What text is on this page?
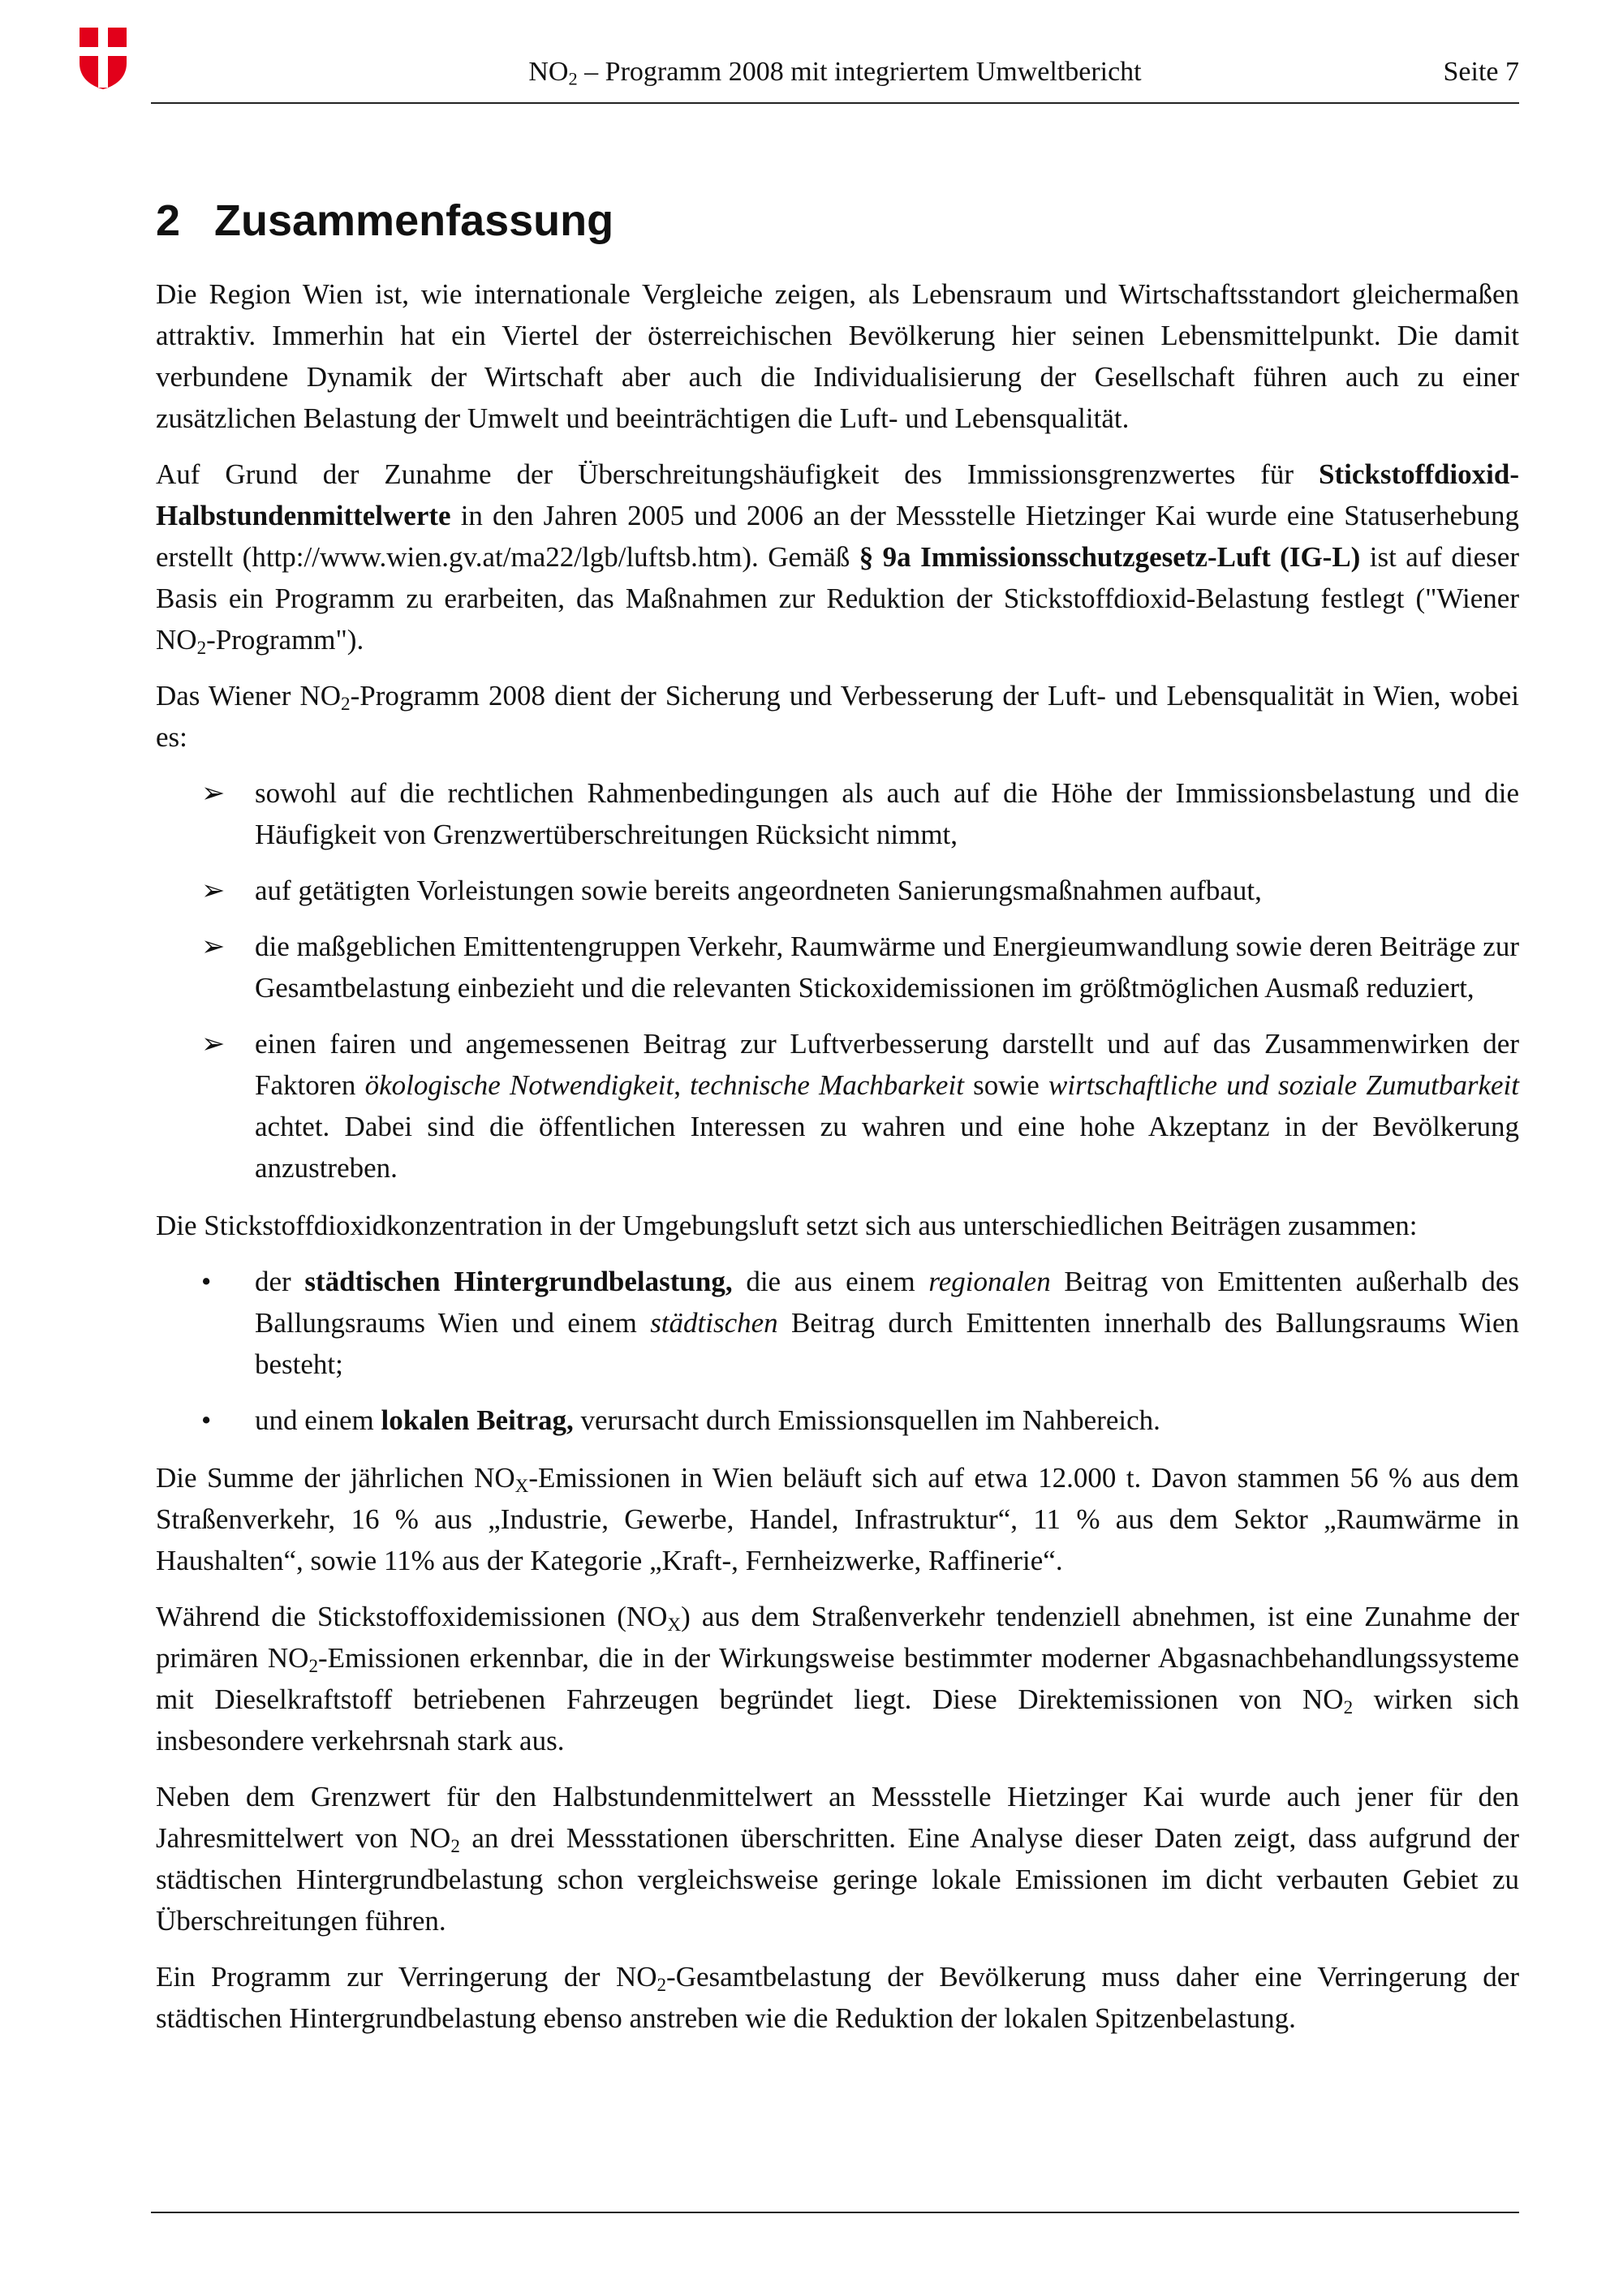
$NO_2$ – Programm 2008 mit integriertem Umweltbericht	Seite 7
2 Zusammenfassung

Die Region Wien ist, wie internationale Vergleiche zeigen, als Lebensraum und Wirtschaftsstandort gleichermaßen attraktiv. Immerhin hat ein Viertel der österreichischen Bevölkerung hier seinen Lebensmittelpunkt. Die damit verbundene Dynamik der Wirtschaft aber auch die Individualisierung der Gesellschaft führen auch zu einer zusätzlichen Belastung der Umwelt und beeinträchtigen die Luft- und Lebensqualität.

Auf Grund der Zunahme der Überschreitungshäufigkeit des Immissionsgrenzwertes für Stickstoffdioxid-Halbstundenmittelwerte in den Jahren 2005 und 2006 an der Messstelle Hietzinger Kai wurde eine Statuserhebung erstellt (http://www.wien.gv.at/ma22/lgb/luftsb.htm). Gemäß § 9a Immissionsschutzgesetz-Luft (IG-L) ist auf dieser Basis ein Programm zu erarbeiten, das Maßnahmen zur Reduktion der Stickstoffdioxid-Belastung festlegt ("Wiener $NO_2-Programm$").

Das Wiener $NO_2$-Programm 2008 dient der Sicherung und Verbesserung der Luft- und Lebensqualität in Wien, wobei es:

➢ sowohl auf die rechtlichen Rahmenbedingungen als auch auf die Höhe der Immissionsbelastung und die Häufigkeit von Grenzwertüberschreitungen Rücksicht nimmt,
➢ auf getätigten Vorleistungen sowie bereits angeordneten Sanierungsmaßnahmen aufbaut,
➢ die maßgeblichen Emittentengruppen Verkehr, Raumwärme und Energieumwandlung sowie deren Beiträge zur Gesamtbelastung einbezieht und die relevanten Stickoxidemissionen im größtmöglichen Ausmaß reduziert,
➢ einen fairen und angemessenen Beitrag zur Luftverbesserung darstellt und auf das Zusammenwirken der Faktoren ökologische Notwendigkeit, technische Machbarkeit sowie wirtschaftliche und soziale Zumutbarkeit achtet. Dabei sind die öffentlichen Interessen zu wahren und eine hohe Akzeptanz in der Bevölkerung anzustreben.

Die Stickstoffdioxidkonzentration in der Umgebungsluft setzt sich aus unterschiedlichen Beiträgen zusammen:

• der städtischen Hintergrundbelastung, die aus einem regionalen Beitrag von Emittenten außerhalb des Ballungsraums Wien und einem städtischen Beitrag durch Emittenten innerhalb des Ballungsraums Wien besteht;
• und einem lokalen Beitrag, verursacht durch Emissionsquellen im Nahbereich.

Die Summe der jährlichen $NO_X$-Emissionen in Wien beläuft sich auf etwa 12.000 t. Davon stammen 56 % aus dem Straßenverkehr, 16 % aus „Industrie, Gewerbe, Handel, Infrastruktur“, 11 % aus dem Sektor „Raumwärme in Haushalten“, sowie 11% aus der Kategorie „Kraft-, Fernheizwerke, Raffinerie“.

Während die Stickstoffoxidemissionen $(NO_X)$ aus dem Straßenverkehr tendenziell abnehmen, ist eine Zunahme der primären $NO_2$-Emissionen erkennbar, die in der Wirkungsweise bestimmter moderner Abgasnachbehandlungssysteme mit Dieselkraftstoff betriebenen Fahrzeugen begründet liegt. Diese Direktemissionen von $NO_2$ wirken sich insbesondere verkehrsnah stark aus.

Neben dem Grenzwert für den Halbstundenmittelwert an Messstelle Hietzinger Kai wurde auch jener für den Jahresmittelwert von $NO_2$ an drei Messstationen überschritten. Eine Analyse dieser Daten zeigt, dass aufgrund der städtischen Hintergrundbelastung schon vergleichsweise geringe lokale Emissionen im dicht verbauten Gebiet zu Überschreitungen führen.

Ein Programm zur Verringerung der $NO_2$-Gesamtbelastung der Bevölkerung muss daher eine Verringerung der städtischen Hintergrundbelastung ebenso anstreben wie die Reduktion der lokalen Spitzenbelastung.
